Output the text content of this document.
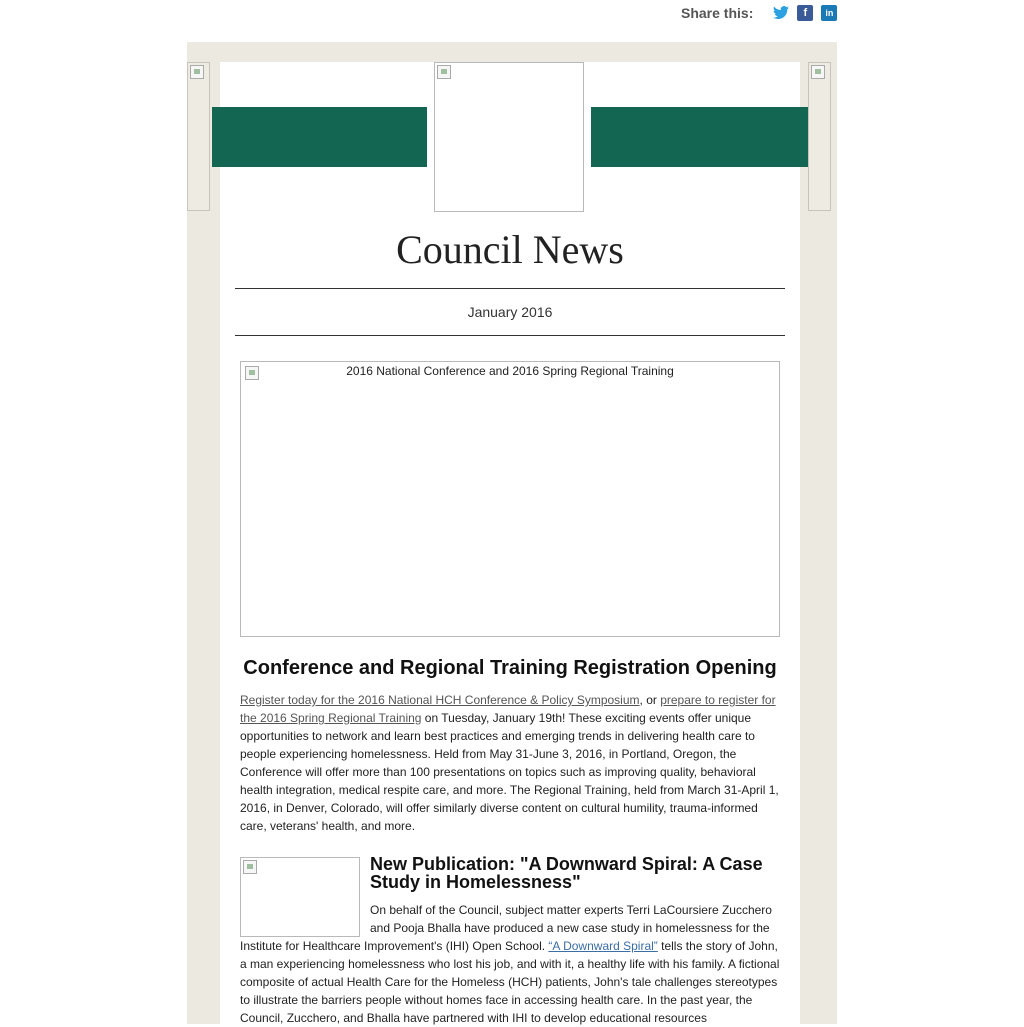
Share this:	f	in
Council News
January 2016
2016 National Conference and 2016 Spring Regional Training
Conference and Regional Training Registration Opening

Register today for the 2016 National HCH Conference & Policy Symposium, or prepare to register for the 2016 Spring Regional Training on Tuesday, January 19th! These exciting events offer unique opportunities to network and learn best practices and emerging trends in delivering health care to people experiencing homelessness. Held from May 31-June 3, 2016, in Portland, Oregon, the Conference will offer more than 100 presentations on topics such as improving quality, behavioral health integration, medical respite care, and more. The Regional Training, held from March 31-April 1, 2016, in Denver, Colorado, will offer similarly diverse content on cultural humility, trauma-informed care, veterans' health, and more.

New Publication: "A Downward Spiral: A Case Study in Homelessness"

On behalf of the Council, subject matter experts Terri LaCoursiere Zucchero and Pooja Bhalla have produced a new case study in homelessness for the

Institute for Healthcare Improvement's (IHI) Open School. “A Downward Spiral” tells the story of John, a man experiencing homelessness who lost his job, and with it, a healthy life with his family. A fictional composite of actual Health Care for the Homeless (HCH) patients, John's tale challenges stereotypes to illustrate the barriers people without homes face in accessing health care. In the past year, the Council, Zucchero, and Bhalla have partnered with IHI to develop educational resources
